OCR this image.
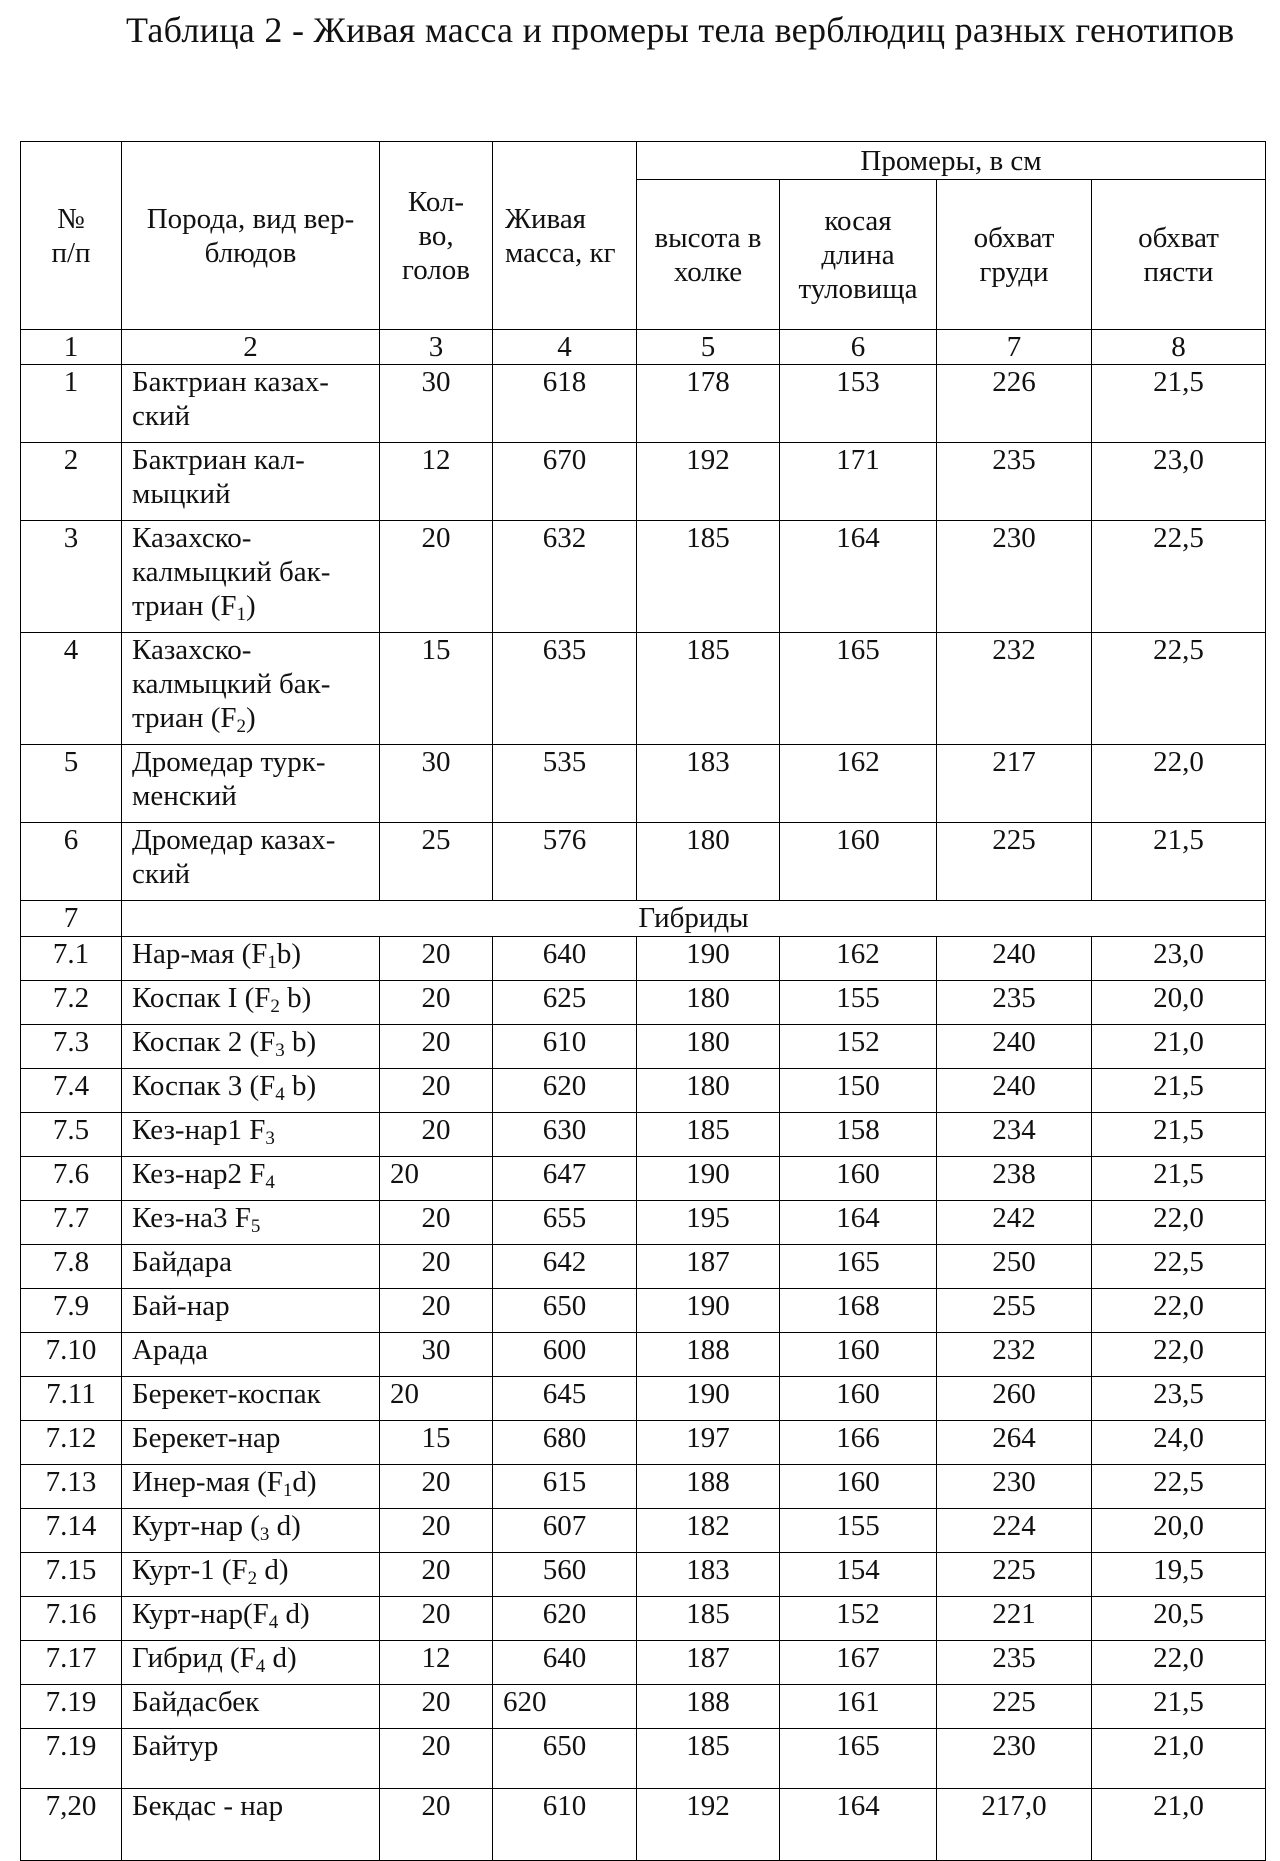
Таблица 2 - Живая масса и промеры тела верблюдиц разных генотипов
№ п/п	Порода, вид вер-блюдов	Кол-во, голов	Живая масса, кг	Промеры, в см			
				высота в холке	косая длина туловища	обхват груди	обхват пясти
1	2	3	4	5	6	7	8
1	Бактриан казах-ский	30	618	178	153	226	21,5
2	Бактриан кал-мыцкий	12	670	192	171	235	23,0
3	Казахско-калмыцкий бак-триан $(F_1)$	20	632	185	164	230	22,5
4	Казахско-калмыцкий бак-триан $(F_2)$	15	635	185	165	232	22,5
5	Дромедар турк-менский	30	535	183	162	217	22,0
6	Дромедар казах-ский	25	576	180	160	225	21,5
7	Гибриды						
7.1	Нар-мая $(F_1b)$	20	640	190	162	240	23,0
7.2	Коспак I ($F_2$ b)	20	625	180	155	235	20,0
7.3	Коспак 2 ($F_3$ b)	20	610	180	152	240	21,0
7.4	Коспак 3 ($F_4$ b)	20	620	180	150	240	21,5
7.5	Кез-нар1 $F_3$	20	630	185	158	234	21,5
7.6	Кез-нар2 $F_4$	20	647	190	160	238	21,5
7.7	Кез-на3 $F_5$	20	655	195	164	242	22,0
7.8	Байдара	20	642	187	165	250	22,5
7.9	Бай-нар	20	650	190	168	255	22,0
7.10	Арада	30	600	188	160	232	22,0
7.11	Берекет-коспак	20	645	190	160	260	23,5
7.12	Берекет-нар	15	680	197	166	264	24,0
7.13	Инер-мая $(F_1d)$	20	615	188	160	230	22,5
7.14	Курт-нар ($_3$ d)	20	607	182	155	224	20,0
7.15	Курт-1 ($F_2$ d)	20	560	183	154	225	19,5
7.16	Курт-$нар(F_4$ d)	20	620	185	152	221	20,5
7.17	Гибрид ($F_4$ d)	12	640	187	167	235	22,0
7.19	Байдасбек	20	620	188	161	225	21,5
7.19	Байтур	20	650	185	165	230	21,0
7,20	Бекдас - нар	20	610	192	164	217,0	21,0
